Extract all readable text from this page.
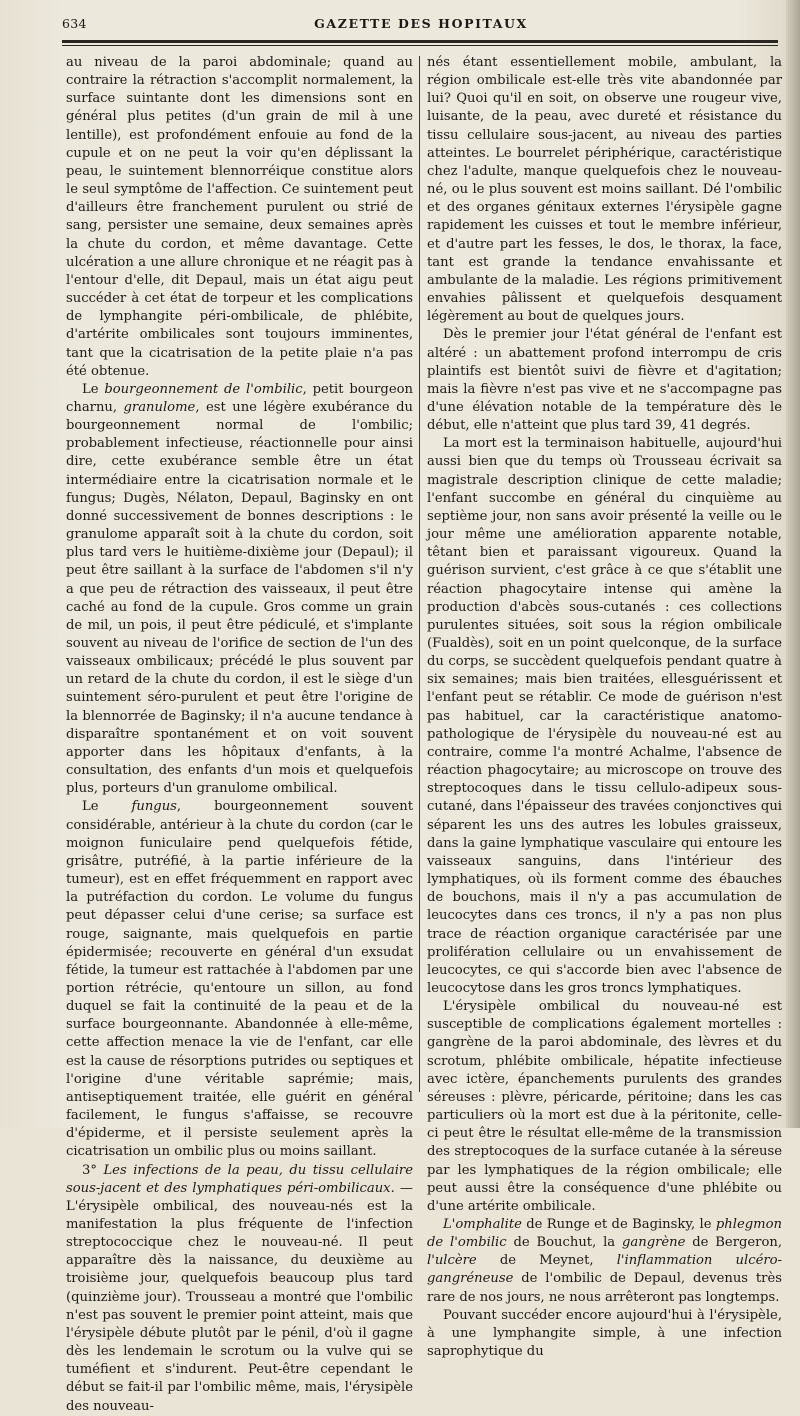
634	GAZETTE DES HOPITAUX

au niveau de la paroi abdominale; quand au contraire la rétraction s'accomplit normalement, la surface suintante dont les dimensions sont en général plus petites (d'un grain de mil à une lentille), est profondément enfouie au fond de la cupule et on ne peut la voir qu'en déplissant la peau, le suintement blennorréique constitue alors le seul symptôme de l'affection. Ce suintement peut d'ailleurs être franchement purulent ou strié de sang, persister une semaine, deux semaines après la chute du cordon, et même davantage. Cette ulcération a une allure chronique et ne réagit pas à l'entour d'elle, dit Depaul, mais un état aigu peut succéder à cet état de torpeur et les complications de lymphangite péri-ombilicale, de phlébite, d'artérite ombilicales sont toujours imminentes, tant que la cicatrisation de la petite plaie n'a pas été obtenue.

Le bourgeonnement de l'ombilic, petit bourgeon charnu, granulome, est une légère exubérance du bourgeonnement normal de l'ombilic; probablement infectieuse, réactionnelle pour ainsi dire, cette exubérance semble être un état intermédiaire entre la cicatrisation normale et le fungus; Dugès, Nélaton, Depaul, Baginsky en ont donné successivement de bonnes descriptions : le granulome apparaît soit à la chute du cordon, soit plus tard vers le huitième-dixième jour (Depaul); il peut être saillant à la surface de l'abdomen s'il n'y a que peu de rétraction des vaisseaux, il peut être caché au fond de la cupule. Gros comme un grain de mil, un pois, il peut être pédiculé, et s'implante souvent au niveau de l'orifice de section de l'un des vaisseaux ombilicaux; précédé le plus souvent par un retard de la chute du cordon, il est le siège d'un suintement séro-purulent et peut être l'origine de la blennorrée de Baginsky; il n'a aucune tendance à disparaître spontanément et on voit souvent apporter dans les hôpitaux d'enfants, à la consultation, des enfants d'un mois et quelquefois plus, porteurs d'un granulome ombilical.

Le	fungus, bourgeonnement souvent considérable, antérieur à la chute du cordon (car le moignon funiculaire pend quelquefois fétide, grisâtre, putréfié, à la partie inférieure de la tumeur), est en effet fréquemment en rapport avec la putréfaction du cordon. Le volume du fungus peut dépasser celui d'une cerise; sa surface est rouge, saignante, mais quelquefois en partie épidermisée; recouverte en général d'un exsudat fétide, la tumeur est rattachée à l'abdomen par une portion rétrécie, qu'entoure un sillon, au fond duquel se fait la continuité de la peau et de la surface bourgeonnante. Abandonnée à elle-même, cette affection menace la vie de l'enfant, car elle est la cause de résorptions putrides ou septiques et l'origine d'une véritable saprémie; mais, antiseptiquement traitée, elle guérit en général facilement, le fungus s'affaisse, se recouvre d'épiderme, et il persiste seulement après la cicatrisation un ombilic plus ou moins saillant.

3° Les infections de la peau, du tissu cellulaire sous-jacent et des lymphatiques péri-ombilicaux. — L'érysipèle ombilical, des nouveau-nés est la manifestation la plus fréquente de l'infection streptococcique chez le nouveau-né. Il peut apparaître dès la naissance, du deuxième au troisième jour, quelquefois beaucoup plus tard (quinzième jour). Trousseau a montré que l'ombilic n'est pas souvent le premier point atteint, mais que l'érysipèle débute plutôt par le pénil, d'où il gagne dès les lendemain le scrotum ou la vulve qui se tuméfient et s'indurent. Peut-être cependant le début se fait-il par l'ombilic même, mais, l'érysipèle des nouveau-

nés étant essentiellement mobile, ambulant, la région ombilicale est-elle très vite abandonnée par lui? Quoi qu'il en soit, on observe une rougeur vive, luisante, de la peau, avec dureté et résistance du tissu cellulaire sous-jacent, au niveau des parties atteintes. Le bourrelet périphérique, caractéristique chez l'adulte, manque quelquefois chez le nouveau-né, ou le plus souvent est moins saillant. Dé l'ombilic et des organes génitaux externes l'érysipèle gagne rapidement les cuisses et tout le membre inférieur, et d'autre part les fesses, le dos, le thorax, la face, tant est grande la tendance envahissante et ambulante de la maladie. Les régions primitivement envahies pâlissent et quelquefois desquament légèrement au bout de quelques jours.

Dès le premier jour l'état général de l'enfant est altéré : un abattement profond interrompu de cris plaintifs est bientôt suivi de fièvre et d'agitation; mais la fièvre n'est pas vive et ne s'accompagne pas d'une élévation notable de la température dès le début, elle n'atteint que plus tard 39, 41 degrés.

La mort est la terminaison habituelle, aujourd'hui aussi bien que du temps où Trousseau écrivait sa magistrale description clinique de cette maladie; l'enfant succombe en général du cinquième au septième jour, non sans avoir présenté la veille ou le jour même une amélioration apparente notable, têtant bien et paraissant vigoureux. Quand la guérison survient, c'est grâce à ce que s'établit une réaction phagocytaire intense qui amène la production d'abcès sous-cutanés : ces collections purulentes situées, soit sous la région ombilicale (Fualdès), soit en un point quelconque, de la surface du corps, se succèdent quelquefois pendant quatre à six semaines; mais bien traitées, ellesguérissent et l'enfant peut se rétablir. Ce mode de guérison n'est pas habituel, car la caractéristique anatomo-pathologique de l'érysipèle du nouveau-né est au contraire, comme l'a montré Achalme, l'absence de réaction phagocytaire; au microscope on trouve des streptocoques dans le tissu cellulo-adipeux sous-cutané, dans l'épaisseur des travées conjonctives qui séparent les uns des autres les lobules graisseux, dans la gaine lymphatique vasculaire qui entoure les vaisseaux sanguins, dans l'intérieur des lymphatiques, où ils forment comme des ébauches de bouchons, mais il n'y a pas accumulation de leucocytes dans ces troncs, il n'y a pas non plus trace de réaction organique caractérisée par une prolifération cellulaire ou un envahissement de leucocytes, ce qui s'accorde bien avec l'absence de leucocytose dans les gros troncs lymphatiques.

L'érysipèle ombilical du nouveau-né est susceptible de complications également mortelles : gangrène de la paroi abdominale, des lèvres et du scrotum, phlébite ombilicale, hépatite infectieuse avec ictère, épanchements purulents des grandes séreuses : plèvre, péricarde, péritoine; dans les cas particuliers où la mort est due à la péritonite, celle-ci peut être le résultat elle-même de la transmission des streptocoques de la surface cutanée à la séreuse par les lymphatiques de la région ombilicale; elle peut aussi être la conséquence d'une phlébite ou d'une artérite ombilicale.

L'omphalite de Runge et de Baginsky, le phlegmon de l'ombilic de Bouchut, la gangrène de Bergeron, l'ulcère de Meynet, l'inflammation ulcéro-gangréneuse de l'ombilic de Depaul, devenus très rare de nos jours, ne nous arrêteront pas longtemps.

Pouvant succéder encore aujourd'hui à l'érysipèle, à une lymphangite simple, à une infection saprophytique du
